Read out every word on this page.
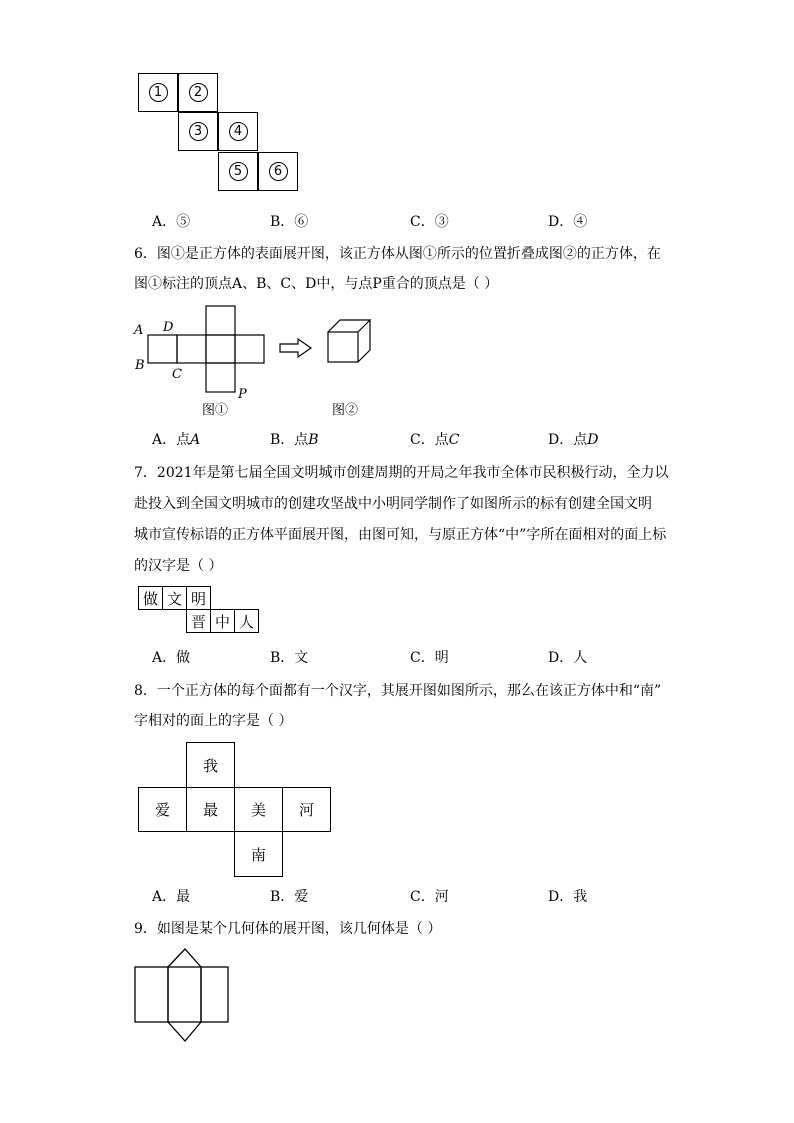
1	2
3	4
5	6
A．⑤	B．⑥	C．③	D．④
6．图①是正方体的表面展开图，该正方体从图①所示的位置折叠成图②的正方体，在
图①标注的顶点A、B、C、D中，与点P重合的顶点是（ ）
A D
B
C
P
图①	图②
A．点A	B．点B	C．点C	D．点D
7．2021年是第七届全国文明城市创建周期的开局之年我市全体市民积极行动，全力以
赴投入到全国文明城市的创建攻坚战中小明同学制作了如图所示的标有创建全国文明
城市宣传标语的正方体平面展开图，由图可知，与原正方体“中”字所在面相对的面上标
的汉字是（ ）
做 文 明
晋 中 人
A．做	B．文	C．明	D．人
8．一个正方体的每个面都有一个汉字，其展开图如图所示，那么在该正方体中和“南”
字相对的面上的字是（ ）
我
爱	最	美	河
南
A．最	B．爱	C．河	D．我
9．如图是某个几何体的展开图，该几何体是（ ）
